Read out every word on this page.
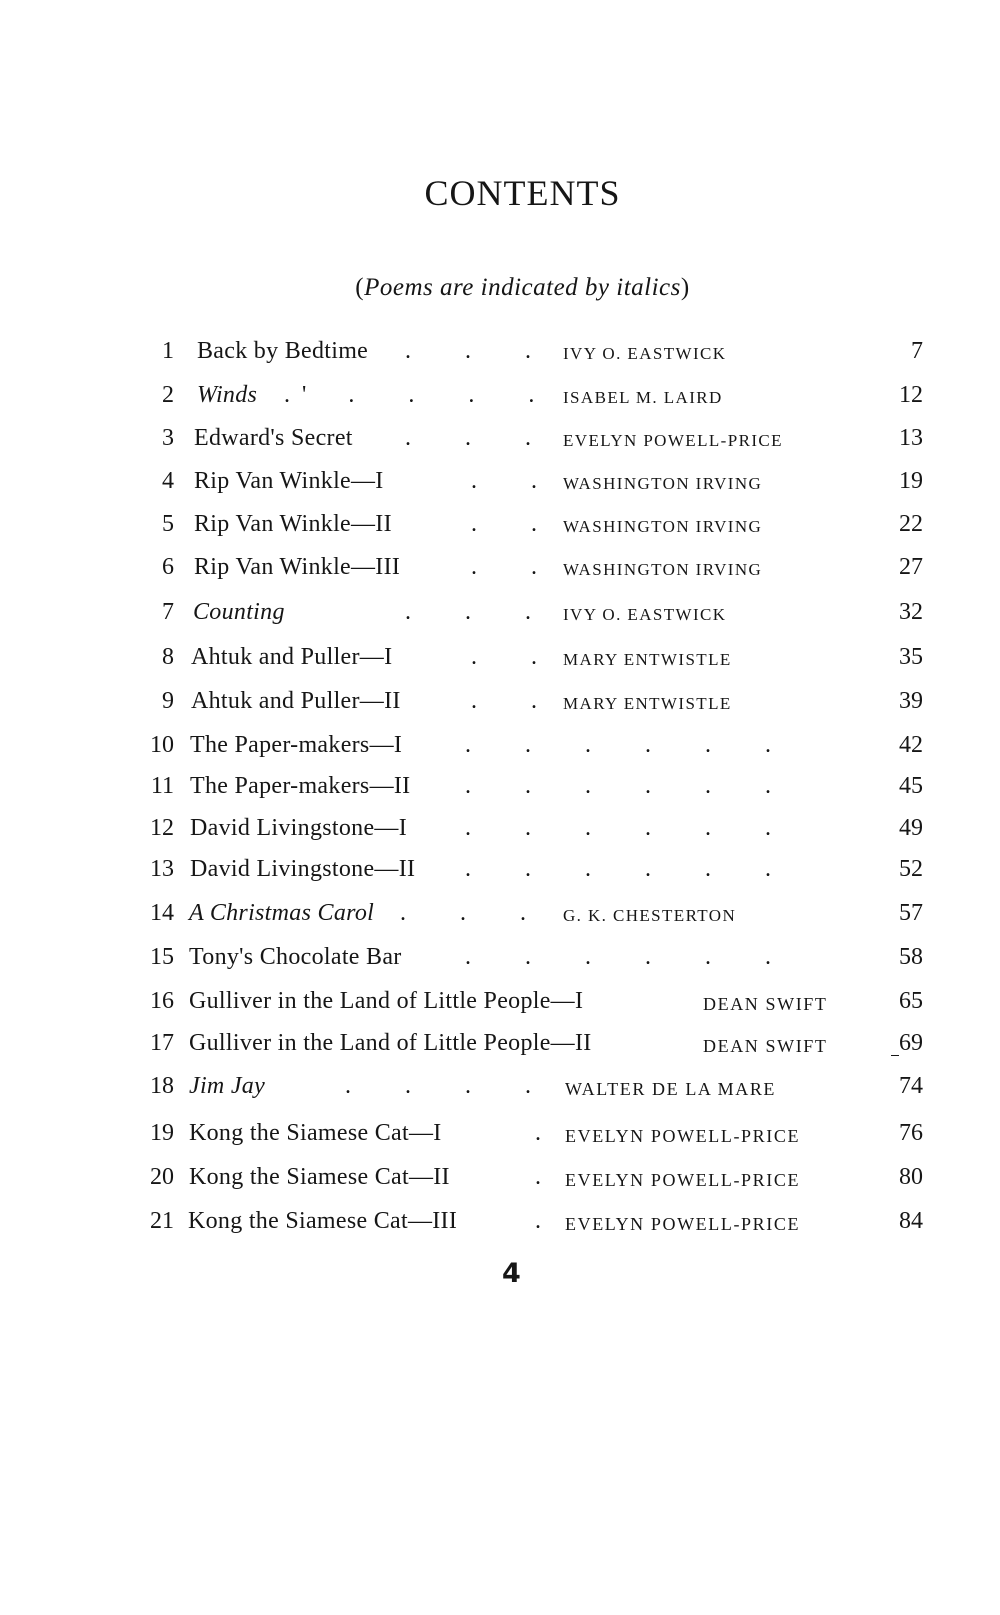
CONTENTS
(Poems are indicated by italics)
1 Back by Bedtime .         .         . IVY O. EASTWICK	7
2 Winds .  '       .         .         .         . ISABEL M. LAIRD	12
3 Edward's Secret .         .         . EVELYN POWELL-PRICE	13
4 Rip Van Winkle—I	.         . WASHINGTON IRVING	19
5 Rip Van Winkle—II	.         . WASHINGTON IRVING	22
6 Rip Van Winkle—III	.         . WASHINGTON IRVING	27
7 Counting	.         .         . IVY O. EASTWICK	32
8 Ahtuk and Puller—I	.         . MARY ENTWISTLE	35
9 Ahtuk and Puller—II	.         . MARY ENTWISTLE	39
10 The Paper-makers—I	.         .         .         .         .         .	42
11 The Paper-makers—II .         .         .         .         .         .	45
12 David Livingstone—I .         .         .         .         .         .	49
13 David Livingstone—II .         .         .         .         .         .	52
14 A Christmas Carol .         .         . G. K. CHESTERTON	57
15 Tony's Chocolate Bar	.         .         .         .         .         .	58
16 Gulliver in the Land of Little People—I	DEAN SWIFT	65
17 Gulliver in the Land of Little People—II	DEAN SWIFT	69
18 Jim Jay	.         .         .         . WALTER DE LA MARE	74
19 Kong the Siamese Cat—I	. EVELYN POWELL-PRICE	76
20 Kong the Siamese Cat—II	. EVELYN POWELL-PRICE	80
21 Kong the Siamese Cat—III	. EVELYN POWELL-PRICE	84
4
